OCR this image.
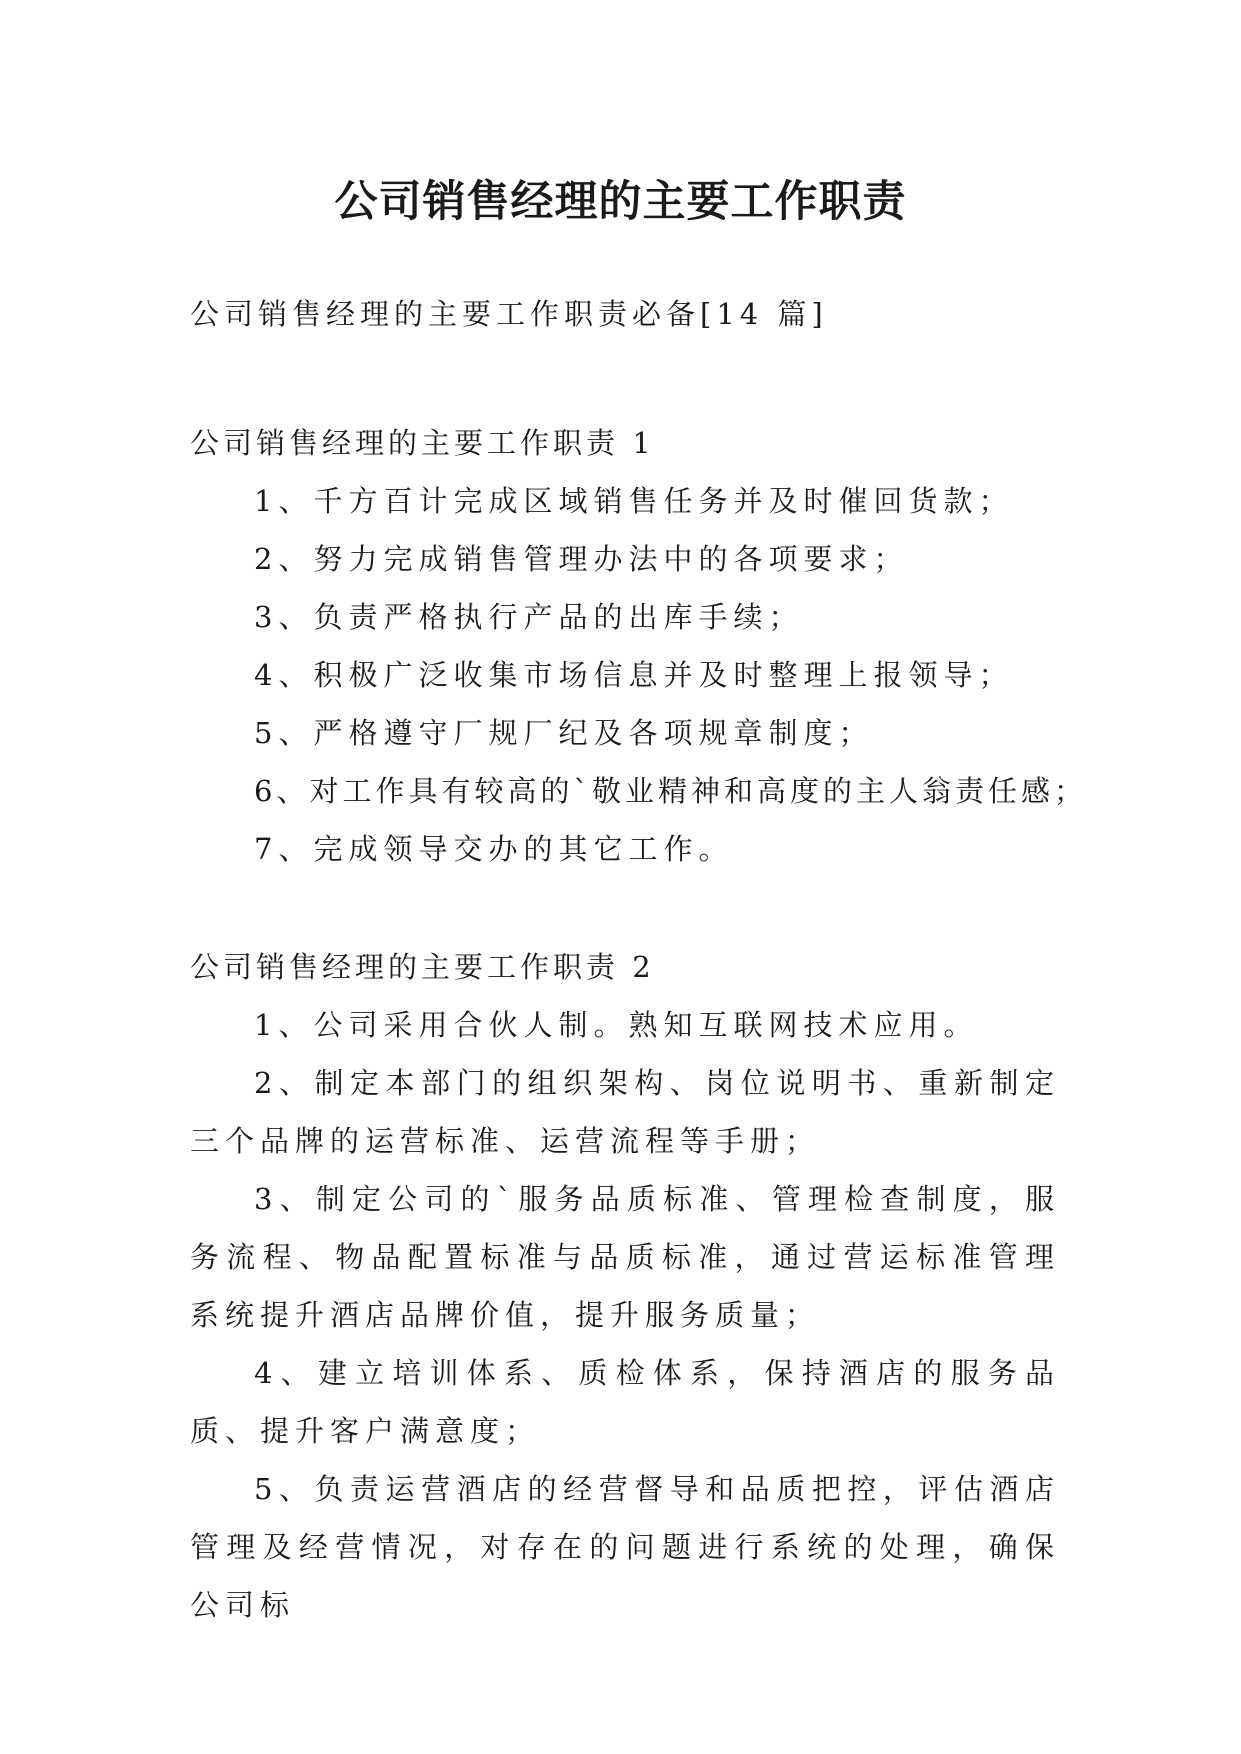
公司销售经理的主要工作职责
公司销售经理的主要工作职责必备[14 篇]
公司销售经理的主要工作职责 1
1、千方百计完成区域销售任务并及时催回货款；
2、努力完成销售管理办法中的各项要求；
3、负责严格执行产品的出库手续；
4、积极广泛收集市场信息并及时整理上报领导；
5、严格遵守厂规厂纪及各项规章制度；
6、对工作具有较高的`敬业精神和高度的主人翁责任感；
7、完成领导交办的其它工作。
公司销售经理的主要工作职责 2
1、公司采用合伙人制。熟知互联网技术应用。
2、制定本部门的组织架构、岗位说明书、重新制定三个品牌的运营标准、运营流程等手册；
3、制定公司的`服务品质标准、管理检查制度，服务流程、物品配置标准与品质标准，通过营运标准管理系统提升酒店品牌价值，提升服务质量；
4、建立培训体系、质检体系，保持酒店的服务品质、提升客户满意度；
5、负责运营酒店的经营督导和品质把控，评估酒店管理及经营情况，对存在的问题进行系统的处理，确保公司标
